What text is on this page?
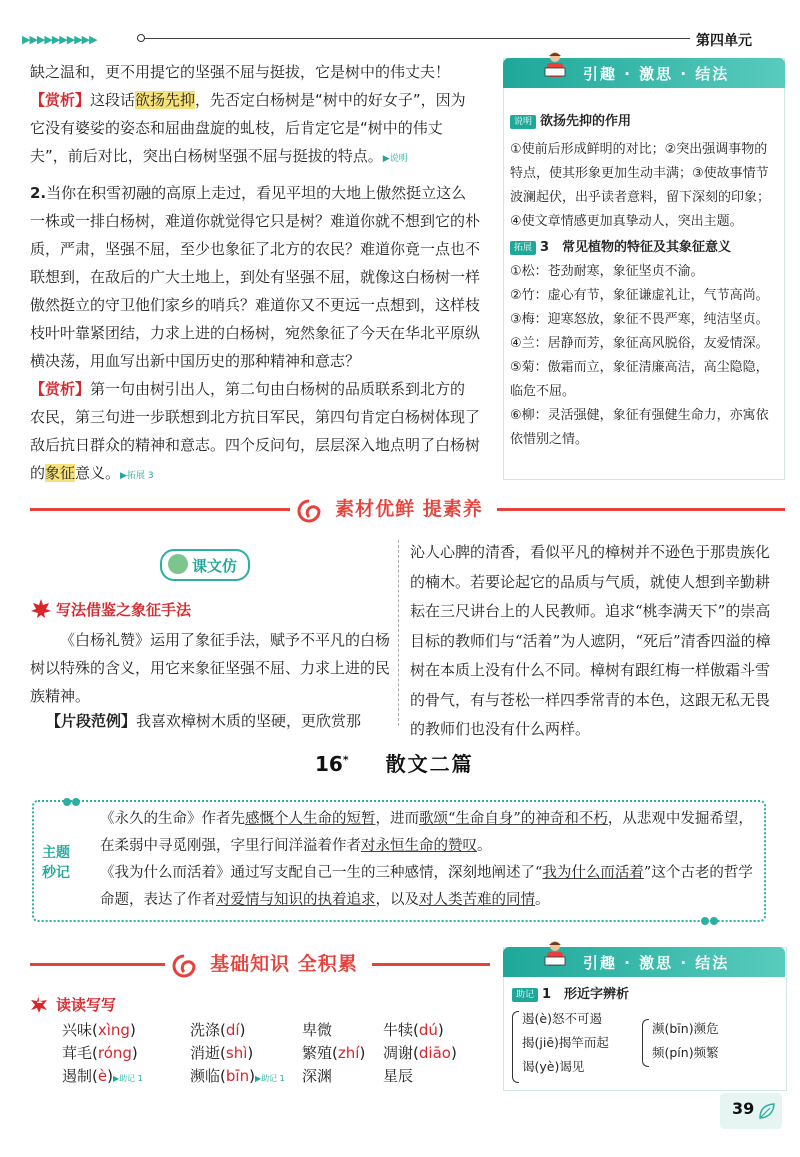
▶▶▶▶▶▶▶▶▶▶	第四单元

缺之温和，更不用提它的坚强不屈与挺拔，它是树中的伟丈夫！

【赏析】这段话欲扬先抑，先否定白杨树是“树中的好女子”，因为它没有婆娑的姿态和屈曲盘旋的虬枝，后肯定它是“树中的伟丈夫”，前后对比，突出白杨树坚强不屈与挺拔的特点。▶说明

2.当你在积雪初融的高原上走过，看见平坦的大地上傲然挺立这么一株或一排白杨树，难道你就觉得它只是树？难道你就不想到它的朴质，严肃，坚强不屈，至少也象征了北方的农民？难道你竟一点也不联想到，在敌后的广大土地上，到处有坚强不屈，就像这白杨树一样傲然挺立的守卫他们家乡的哨兵？难道你又不更远一点想到，这样枝枝叶叶靠紧团结，力求上进的白杨树，宛然象征了今天在华北平原纵横决荡，用血写出新中国历史的那种精神和意志？

【赏析】第一句由树引出人，第二句由白杨树的品质联系到北方的农民，第三句进一步联想到北方抗日军民，第四句肯定白杨树体现了敌后抗日群众的精神和意志。四个反问句，层层深入地点明了白杨树的象征意义。▶拓展 3

引趣 · 激思 · 结法

说明 欲扬先抑的作用

①使前后形成鲜明的对比；②突出强调事物的特点，使其形象更加生动丰满；③使故事情节波澜起伏，出乎读者意料，留下深刻的印象；④使文章情感更加真挚动人，突出主题。

拓展 3　常见植物的特征及其象征意义

①松：苍劲耐寒，象征坚贞不渝。

②竹：虚心有节，象征谦虚礼让，气节高尚。

③梅：迎寒怒放，象征不畏严寒，纯洁坚贞。

④兰：居静而芳，象征高风脱俗，友爱情深。

⑤菊：傲霜而立，象征清廉高洁，高尘隐隐，临危不屈。

⑥柳：灵活强健，象征有强健生命力，亦寓依依惜别之情。

素材优鲜 提素养
课文仿
写法借鉴之象征手法
《白杨礼赞》运用了象征手法，赋予不平凡的白杨树以特殊的含义，用它来象征坚强不屈、力求上进的民族精神。
【片段范例】我喜欢樟树木质的坚硬，更欣赏那
沁人心脾的清香，看似平凡的樟树并不逊色于那贵族化的楠木。若要论起它的品质与气质，就使人想到辛勤耕耘在三尺讲台上的人民教师。追求“桃李满天下”的崇高目标的教师们与“活着”为人遮阴，“死后”清香四溢的樟树在本质上没有什么不同。樟树有跟红梅一样傲霜斗雪的骨气，有与苍松一样四季常青的本色，这跟无私无畏的教师们也没有什么两样。
16* 散文二篇
主题秒记

《永久的生命》作者先感慨个人生命的短暂，进而歌颂“生命自身”的神奇和不朽，从悲观中发掘希望，在柔弱中寻觅刚强，字里行间洋溢着作者对永恒生命的赞叹。

《我为什么而活着》通过写支配自己一生的三种感情，深刻地阐述了“我为什么而活着”这个古老的哲学命题，表达了作者对爱情与知识的执着追求，以及对人类苦难的同情。

基础知识 全积累	引趣 · 激思 · 结法
助记 1　形近字辨析
遏(è)怒不可遏
揭(jiē)揭竿而起
谒(yè)谒见
濒(bīn)濒危
频(pín)频繁
1 读读写写
兴味(xìng)	洗涤(dí)	卑微	牛犊(dú)
茸毛(róng)	消逝(shì)	繁殖(zhí) 凋谢(diāo)
遏制(è)▶助记 1	濒临(bīn)▶助记 1 深渊	星辰
39
